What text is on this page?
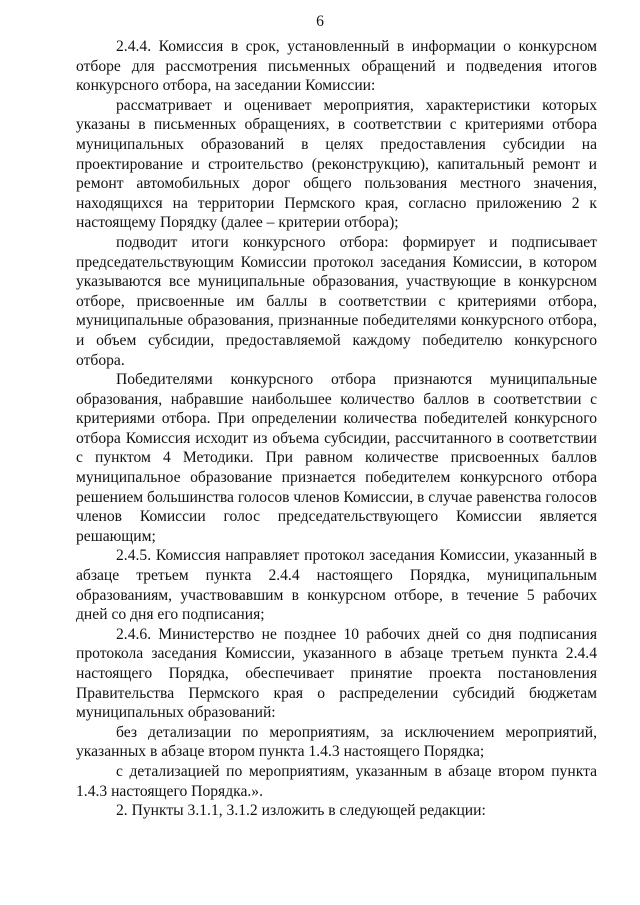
6

2.4.4. Комиссия в срок, установленный в информации о конкурсном отборе для рассмотрения письменных обращений и подведения итогов конкурсного отбора, на заседании Комиссии:

рассматривает и оценивает мероприятия, характеристики которых указаны в письменных обращениях, в соответствии с критериями отбора муниципальных образований в целях предоставления субсидии на проектирование и строительство (реконструкцию), капитальный ремонт и ремонт автомобильных дорог общего пользования местного значения, находящихся на территории Пермского края, согласно приложению 2 к настоящему Порядку (далее – критерии отбора);

подводит итоги конкурсного отбора: формирует и подписывает председательствующим Комиссии протокол заседания Комиссии, в котором указываются все муниципальные образования, участвующие в конкурсном отборе, присвоенные им баллы в соответствии с критериями отбора, муниципальные образования, признанные победителями конкурсного отбора, и объем субсидии, предоставляемой каждому победителю конкурсного отбора.

Победителями конкурсного отбора признаются муниципальные образования, набравшие наибольшее количество баллов в соответствии с критериями отбора. При определении количества победителей конкурсного отбора Комиссия исходит из объема субсидии, рассчитанного в соответствии с пунктом 4 Методики. При равном количестве присвоенных баллов муниципальное образование признается победителем конкурсного отбора решением большинства голосов членов Комиссии, в случае равенства голосов членов Комиссии голос председательствующего Комиссии является решающим;

2.4.5. Комиссия направляет протокол заседания Комиссии, указанный в абзаце третьем пункта 2.4.4 настоящего Порядка, муниципальным образованиям, участвовавшим в конкурсном отборе, в течение 5 рабочих дней со дня его подписания;

2.4.6. Министерство не позднее 10 рабочих дней со дня подписания протокола заседания Комиссии, указанного в абзаце третьем пункта 2.4.4 настоящего Порядка, обеспечивает принятие проекта постановления Правительства Пермского края о распределении субсидий бюджетам муниципальных образований:

без детализации по мероприятиям, за исключением мероприятий, указанных в абзаце втором пункта 1.4.3 настоящего Порядка;

с детализацией по мероприятиям, указанным в абзаце втором пункта 1.4.3 настоящего Порядка.».

2. Пункты 3.1.1, 3.1.2 изложить в следующей редакции:
